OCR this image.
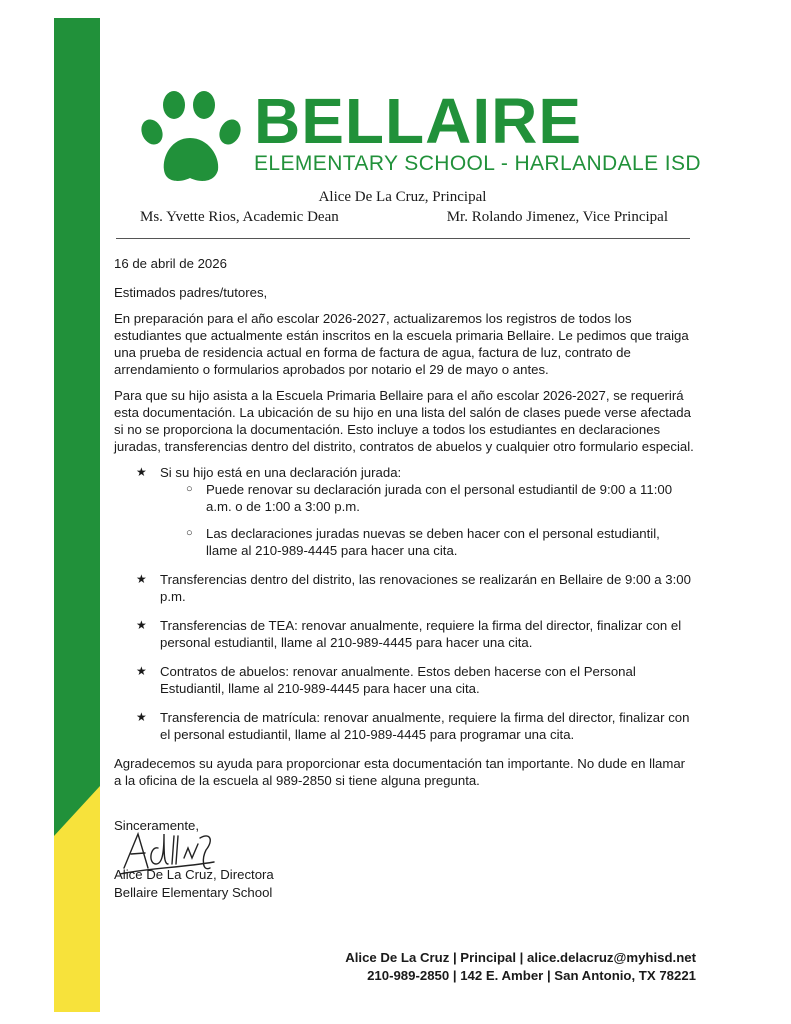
BELLAIRE
ELEMENTARY SCHOOL - HARLANDALE ISD
Alice De La Cruz, Principal
Ms. Yvette Rios, Academic Dean	Mr. Rolando Jimenez, Vice Principal

16 de abril de 2026

Estimados padres/tutores,

En preparación para el año escolar 2026-2027, actualizaremos los registros de todos los estudiantes que actualmente están inscritos en la escuela primaria Bellaire. Le pedimos que traiga una prueba de residencia actual en forma de factura de agua, factura de luz, contrato de arrendamiento o formularios aprobados por notario el 29 de mayo o antes.

Para que su hijo asista a la Escuela Primaria Bellaire para el año escolar 2026-2027, se requerirá esta documentación. La ubicación de su hijo en una lista del salón de clases puede verse afectada si no se proporciona la documentación. Esto incluye a todos los estudiantes en declaraciones juradas, transferencias dentro del distrito, contratos de abuelos y cualquier otro formulario especial.

★ Si su hijo está en una declaración jurada:
○ Puede renovar su declaración jurada con el personal estudiantil de 9:00 a 11:00 a.m. o de 1:00 a 3:00 p.m.
○ Las declaraciones juradas nuevas se deben hacer con el personal estudiantil, llame al 210-989-4445 para hacer una cita.
★ Transferencias dentro del distrito, las renovaciones se realizarán en Bellaire de 9:00 a 3:00 p.m.
★ Transferencias de TEA: renovar anualmente, requiere la firma del director, finalizar con el personal estudiantil, llame al 210-989-4445 para hacer una cita.
★ Contratos de abuelos: renovar anualmente. Estos deben hacerse con el Personal Estudiantil, llame al 210-989-4445 para hacer una cita.
★ Transferencia de matrícula: renovar anualmente, requiere la firma del director, finalizar con el personal estudiantil, llame al 210-989-4445 para programar una cita.

Agradecemos su ayuda para proporcionar esta documentación tan importante. No dude en llamar a la oficina de la escuela al 989-2850 si tiene alguna pregunta.

Sinceramente,

Alice De La Cruz, Directora
Bellaire Elementary School
Alice De La Cruz | Principal | alice.delacruz@myhisd.net
210-989-2850 | 142 E. Amber | San Antonio, TX 78221
